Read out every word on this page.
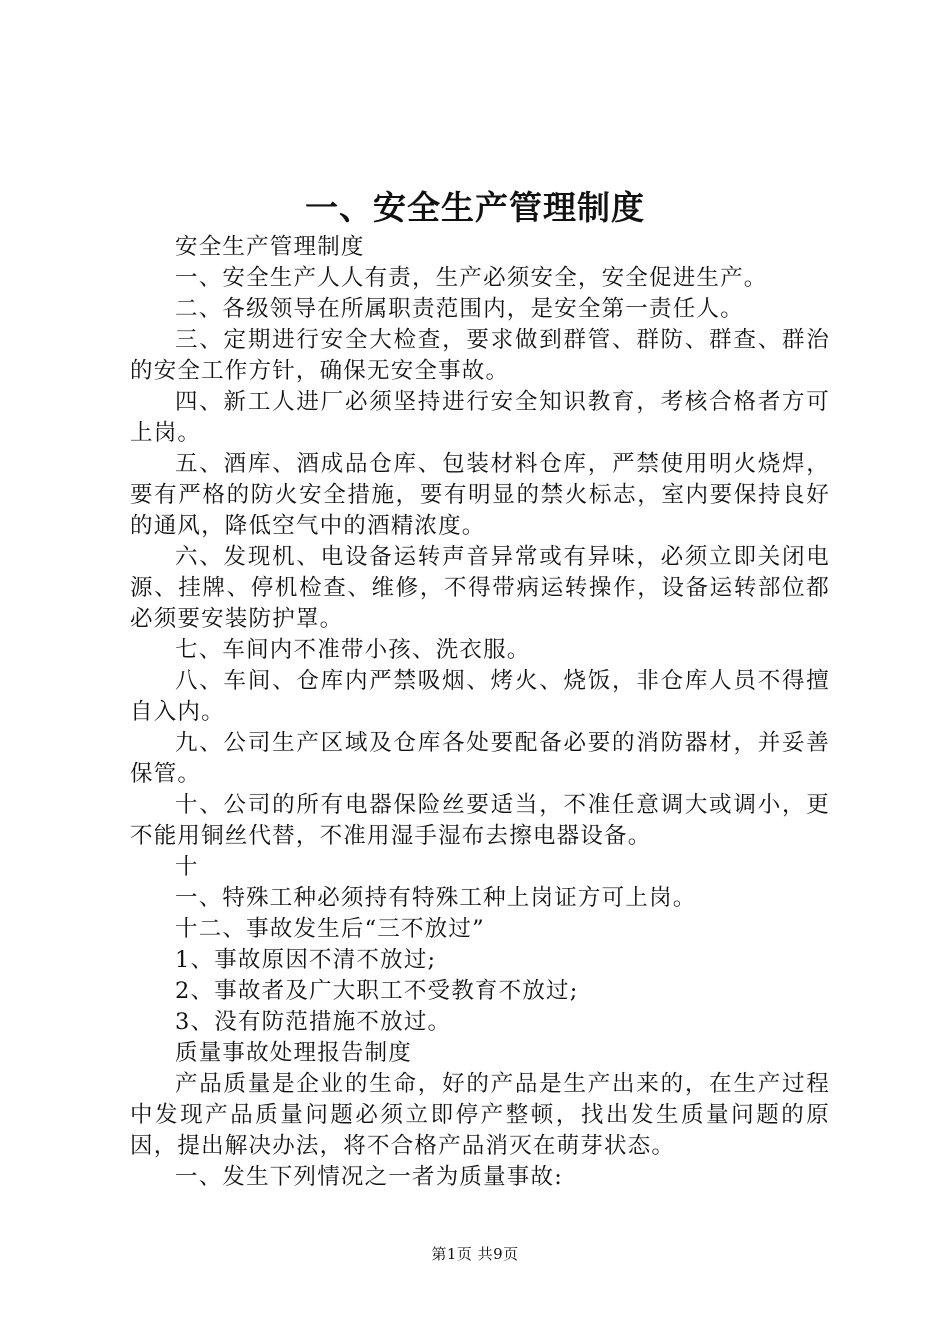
一、安全生产管理制度

安全生产管理制度

一、安全生产人人有责，生产必须安全，安全促进生产。

二、各级领导在所属职责范围内，是安全第一责任人。

三、定期进行安全大检查，要求做到群管、群防、群查、群治的安全工作方针，确保无安全事故。

四、新工人进厂必须坚持进行安全知识教育，考核合格者方可上岗。

五、酒库、酒成品仓库、包装材料仓库，严禁使用明火烧焊，要有严格的防火安全措施，要有明显的禁火标志，室内要保持良好的通风，降低空气中的酒精浓度。

六、发现机、电设备运转声音异常或有异味，必须立即关闭电源、挂牌、停机检查、维修，不得带病运转操作，设备运转部位都必须要安装防护罩。

七、车间内不准带小孩、洗衣服。

八、车间、仓库内严禁吸烟、烤火、烧饭，非仓库人员不得擅自入内。

九、公司生产区域及仓库各处要配备必要的消防器材，并妥善保管。

十、公司的所有电器保险丝要适当，不准任意调大或调小，更不能用铜丝代替，不准用湿手湿布去擦电器设备。

十

一、特殊工种必须持有特殊工种上岗证方可上岗。

十二、事故发生后“三不放过”

1、事故原因不清不放过;

2、事故者及广大职工不受教育不放过;

3、没有防范措施不放过。

质量事故处理报告制度

产品质量是企业的生命，好的产品是生产出来的，在生产过程中发现产品质量问题必须立即停产整顿，找出发生质量问题的原因，提出解决办法，将不合格产品消灭在萌芽状态。

一、发生下列情况之一者为质量事故:

第1页 共9页
